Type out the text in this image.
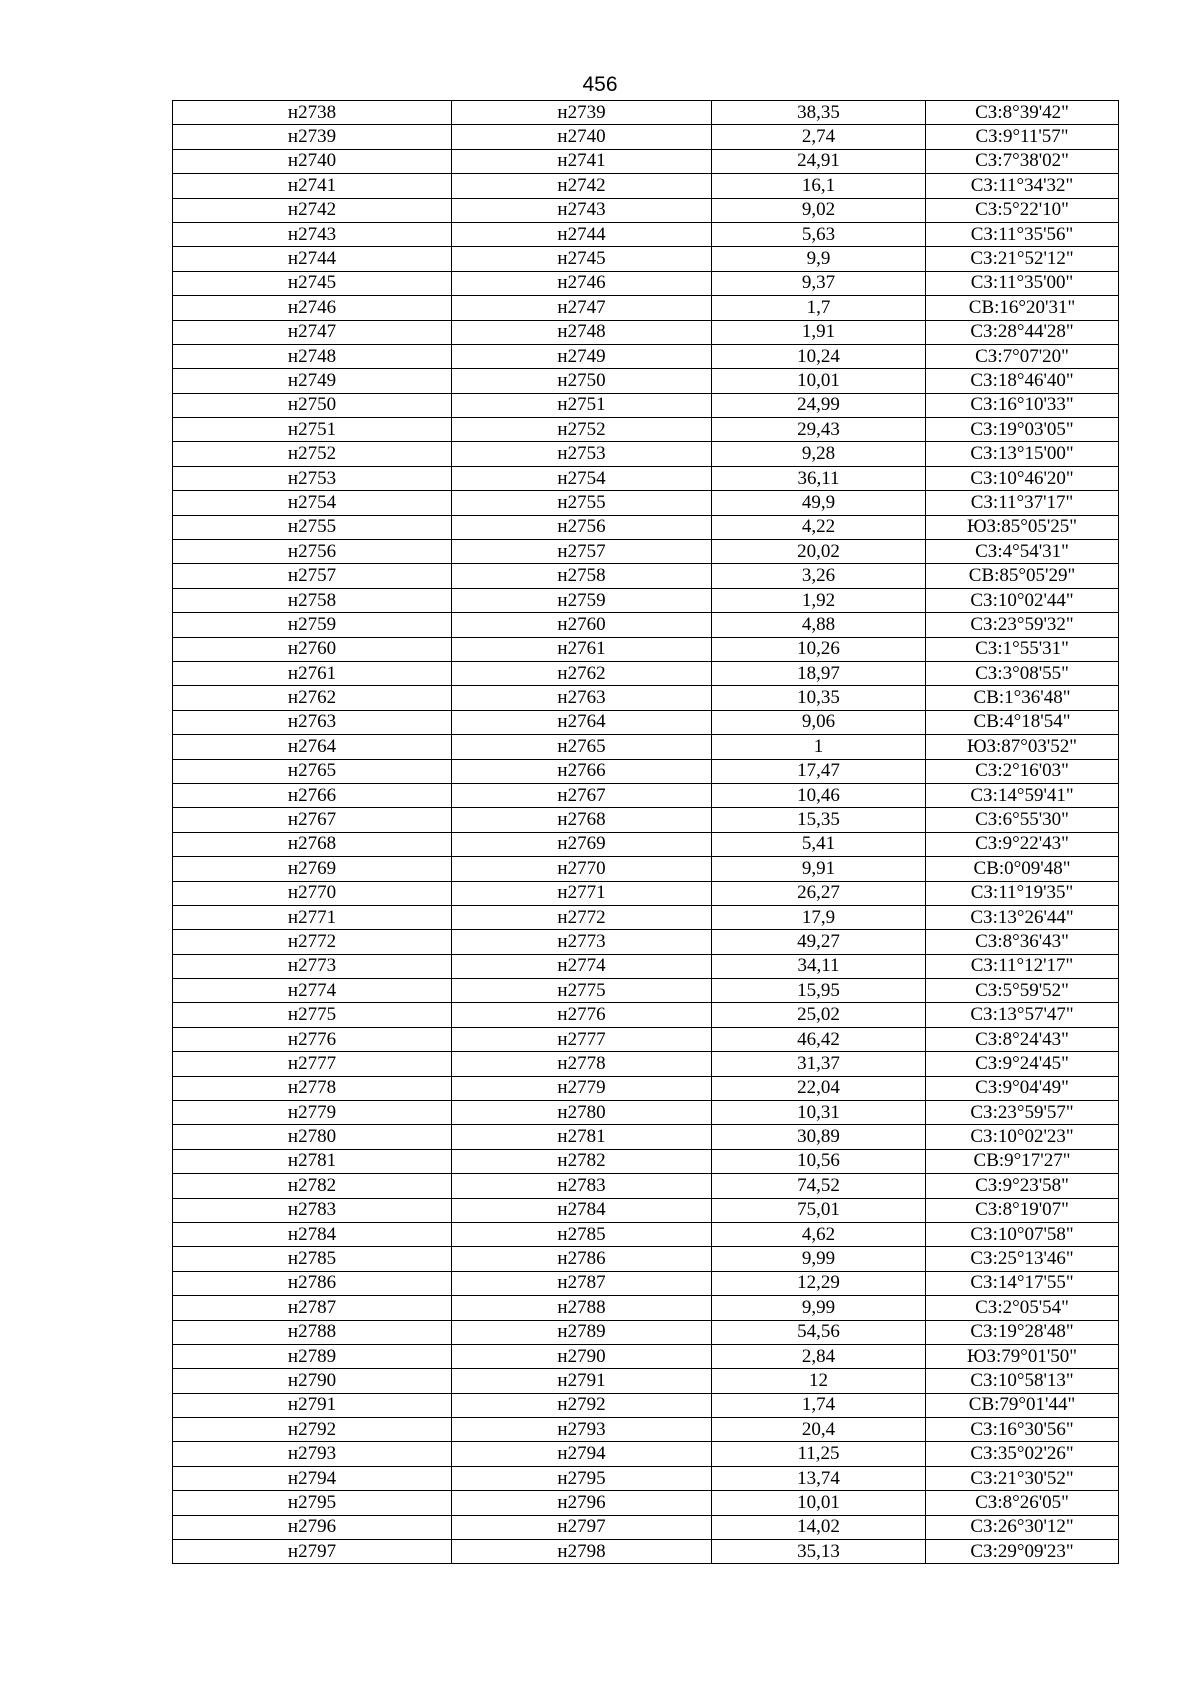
456
н2738	н2739	38,35	СЗ:8°39'42"
н2739	н2740	2,74	СЗ:9°11'57"
н2740	н2741	24,91	СЗ:7°38'02"
н2741	н2742	16,1	СЗ:11°34'32"
н2742	н2743	9,02	СЗ:5°22'10"
н2743	н2744	5,63	СЗ:11°35'56"
н2744	н2745	9,9	СЗ:21°52'12"
н2745	н2746	9,37	СЗ:11°35'00"
н2746	н2747	1,7	СВ:16°20'31"
н2747	н2748	1,91	СЗ:28°44'28"
н2748	н2749	10,24	СЗ:7°07'20"
н2749	н2750	10,01	СЗ:18°46'40"
н2750	н2751	24,99	СЗ:16°10'33"
н2751	н2752	29,43	СЗ:19°03'05"
н2752	н2753	9,28	СЗ:13°15'00"
н2753	н2754	36,11	СЗ:10°46'20"
н2754	н2755	49,9	СЗ:11°37'17"
н2755	н2756	4,22	ЮЗ:85°05'25"
н2756	н2757	20,02	СЗ:4°54'31"
н2757	н2758	3,26	СВ:85°05'29"
н2758	н2759	1,92	СЗ:10°02'44"
н2759	н2760	4,88	СЗ:23°59'32"
н2760	н2761	10,26	СЗ:1°55'31"
н2761	н2762	18,97	СЗ:3°08'55"
н2762	н2763	10,35	СВ:1°36'48"
н2763	н2764	9,06	СВ:4°18'54"
н2764	н2765	1	ЮЗ:87°03'52"
н2765	н2766	17,47	СЗ:2°16'03"
н2766	н2767	10,46	СЗ:14°59'41"
н2767	н2768	15,35	СЗ:6°55'30"
н2768	н2769	5,41	СЗ:9°22'43"
н2769	н2770	9,91	СВ:0°09'48"
н2770	н2771	26,27	СЗ:11°19'35"
н2771	н2772	17,9	СЗ:13°26'44"
н2772	н2773	49,27	СЗ:8°36'43"
н2773	н2774	34,11	СЗ:11°12'17"
н2774	н2775	15,95	СЗ:5°59'52"
н2775	н2776	25,02	СЗ:13°57'47"
н2776	н2777	46,42	СЗ:8°24'43"
н2777	н2778	31,37	СЗ:9°24'45"
н2778	н2779	22,04	СЗ:9°04'49"
н2779	н2780	10,31	СЗ:23°59'57"
н2780	н2781	30,89	СЗ:10°02'23"
н2781	н2782	10,56	СВ:9°17'27"
н2782	н2783	74,52	СЗ:9°23'58"
н2783	н2784	75,01	СЗ:8°19'07"
н2784	н2785	4,62	СЗ:10°07'58"
н2785	н2786	9,99	СЗ:25°13'46"
н2786	н2787	12,29	СЗ:14°17'55"
н2787	н2788	9,99	СЗ:2°05'54"
н2788	н2789	54,56	СЗ:19°28'48"
н2789	н2790	2,84	ЮЗ:79°01'50"
н2790	н2791	12	СЗ:10°58'13"
н2791	н2792	1,74	СВ:79°01'44"
н2792	н2793	20,4	СЗ:16°30'56"
н2793	н2794	11,25	СЗ:35°02'26"
н2794	н2795	13,74	СЗ:21°30'52"
н2795	н2796	10,01	СЗ:8°26'05"
н2796	н2797	14,02	СЗ:26°30'12"
н2797	н2798	35,13	СЗ:29°09'23"
